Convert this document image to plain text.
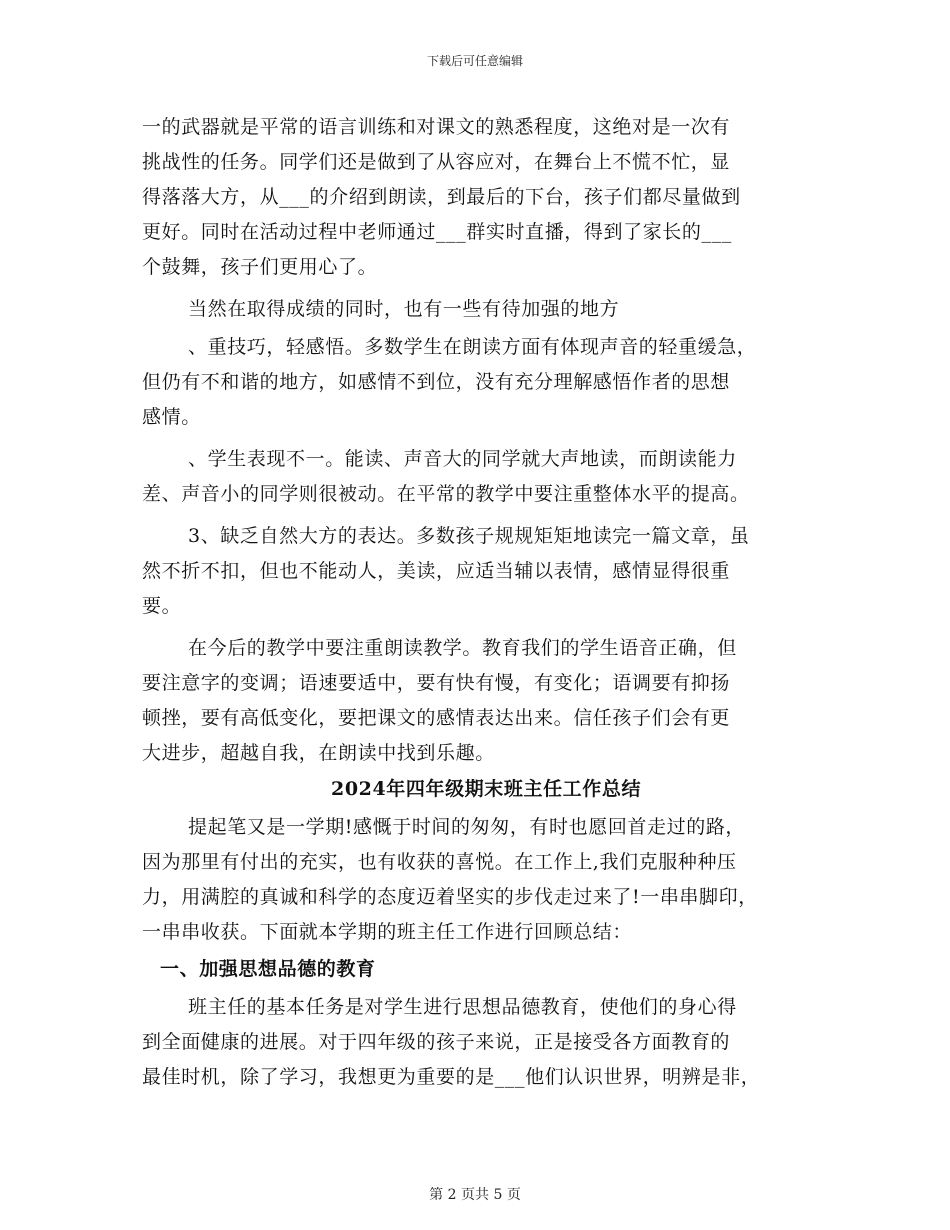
下载后可任意编辑
一的武器就是平常的语言训练和对课文的熟悉程度，这绝对是一次有
挑战性的任务。同学们还是做到了从容应对，在舞台上不慌不忙，显
得落落大方，从___的介绍到朗读，到最后的下台，孩子们都尽量做到
更好。同时在活动过程中老师通过___群实时直播，得到了家长的___
个鼓舞，孩子们更用心了。
当然在取得成绩的同时，也有一些有待加强的地方
、重技巧，轻感悟。多数学生在朗读方面有体现声音的轻重缓急，
但仍有不和谐的地方，如感情不到位，没有充分理解感悟作者的思想
感情。
、学生表现不一。能读、声音大的同学就大声地读，而朗读能力
差、声音小的同学则很被动。在平常的教学中要注重整体水平的提高。
3、缺乏自然大方的表达。多数孩子规规矩矩地读完一篇文章，虽
然不折不扣，但也不能动人，美读，应适当辅以表情，感情显得很重
要。
在今后的教学中要注重朗读教学。教育我们的学生语音正确，但
要注意字的变调；语速要适中，要有快有慢，有变化；语调要有抑扬
顿挫，要有高低变化，要把课文的感情表达出来。信任孩子们会有更
大进步，超越自我，在朗读中找到乐趣。
2024年四年级期末班主任工作总结
提起笔又是一学期!感慨于时间的匆匆，有时也愿回首走过的路，
因为那里有付出的充实，也有收获的喜悦。在工作上,我们克服种种压
力，用满腔的真诚和科学的态度迈着坚实的步伐走过来了!一串串脚印，
一串串收获。下面就本学期的班主任工作进行回顾总结：
一、加强思想品德的教育
班主任的基本任务是对学生进行思想品德教育，使他们的身心得
到全面健康的进展。对于四年级的孩子来说，正是接受各方面教育的
最佳时机，除了学习，我想更为重要的是___他们认识世界，明辨是非，
第 2 页共 5 页
